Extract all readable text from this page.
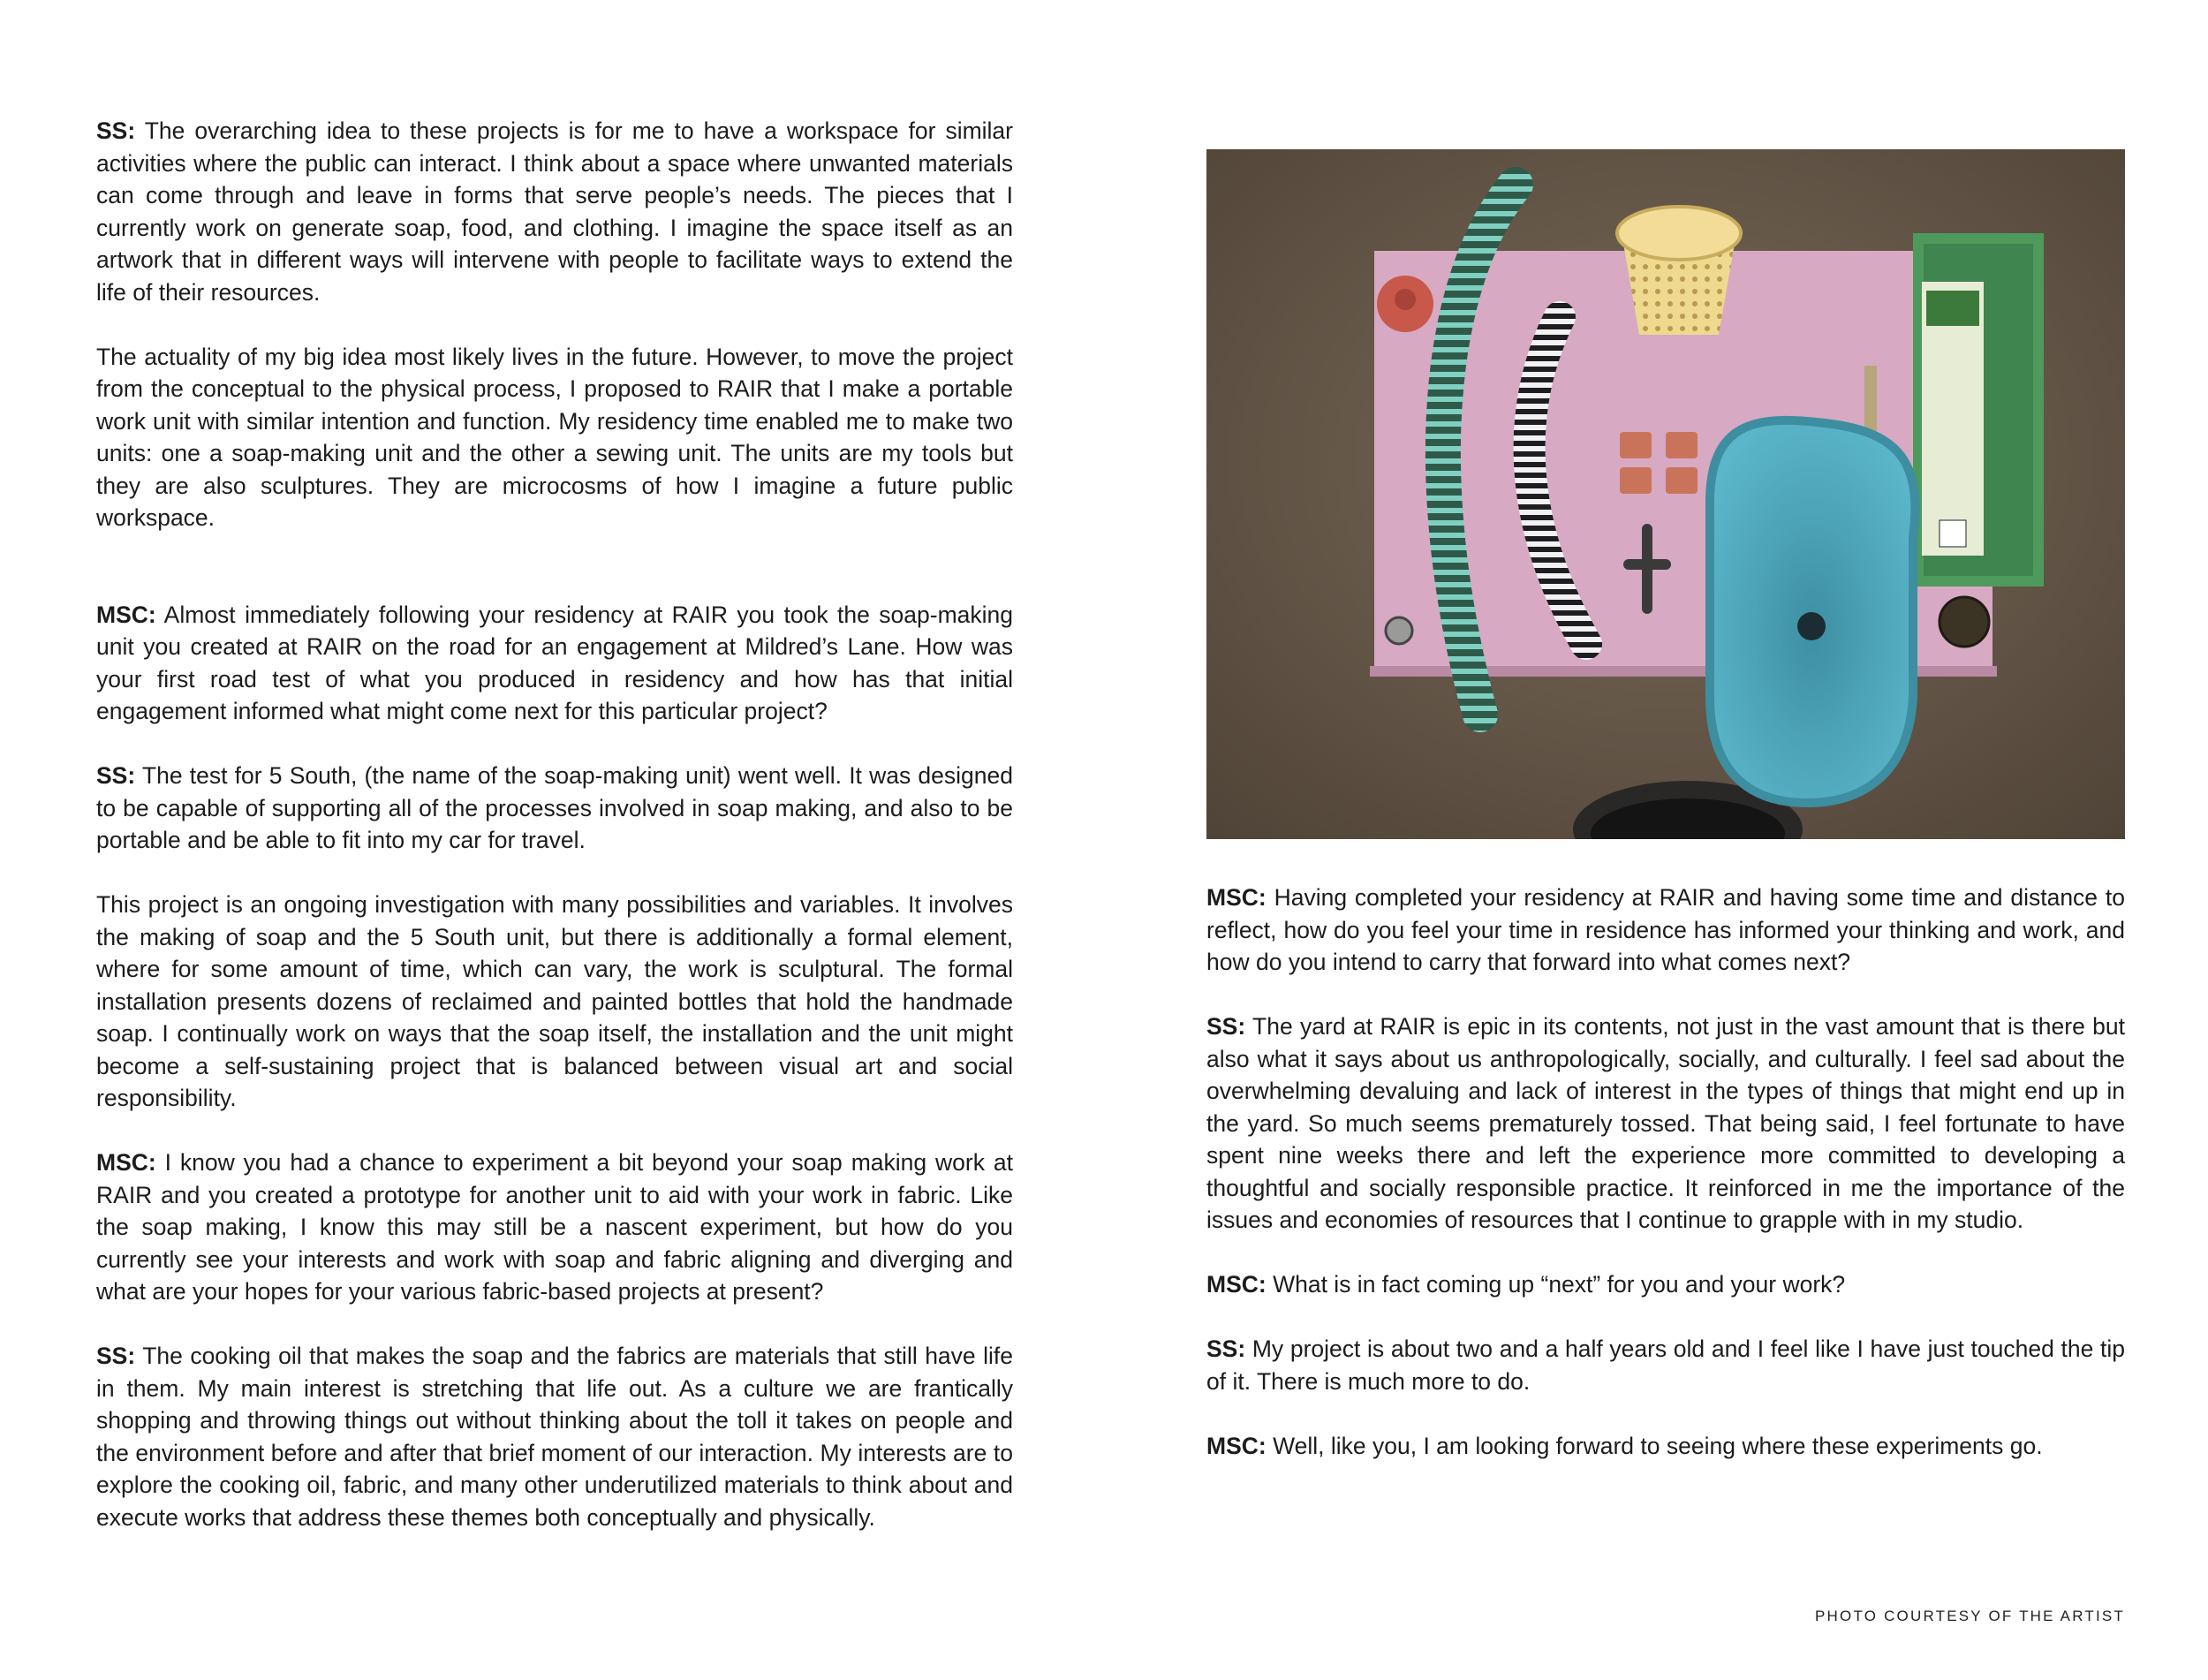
SS: The overarching idea to these projects is for me to have a workspace for similar activities where the public can interact. I think about a space where unwanted materials can come through and leave in forms that serve people’s needs. The pieces that I currently work on generate soap, food, and clothing. I imagine the space itself as an artwork that in different ways will intervene with people to facilitate ways to extend the life of their resources.

The actuality of my big idea most likely lives in the future. However, to move the project from the conceptual to the physical process, I proposed to RAIR that I make a portable work unit with similar intention and function. My residency time enabled me to make two units: one a soap-making unit and the other a sewing unit. The units are my tools but they are also sculptures. They are microcosms of how I imagine a future public workspace.

MSC: Almost immediately following your residency at RAIR you took the soap-making unit you created at RAIR on the road for an engagement at Mildred’s Lane. How was your first road test of what you produced in residency and how has that initial engagement informed what might come next for this particular project?

SS: The test for 5 South, (the name of the soap-making unit) went well. It was designed to be capable of supporting all of the processes involved in soap making, and also to be portable and be able to fit into my car for travel.

This project is an ongoing investigation with many possibilities and variables. It involves the making of soap and the 5 South unit, but there is additionally a formal element, where for some amount of time, which can vary, the work is sculptural. The formal installation presents dozens of reclaimed and painted bottles that hold the handmade soap. I continually work on ways that the soap itself, the installation and the unit might become a self-sustaining project that is balanced between visual art and social responsibility.

MSC: I know you had a chance to experiment a bit beyond your soap making work at RAIR and you created a prototype for another unit to aid with your work in fabric. Like the soap making, I know this may still be a nascent experiment, but how do you currently see your interests and work with soap and fabric aligning and diverging and what are your hopes for your various fabric-based projects at present?

SS: The cooking oil that makes the soap and the fabrics are materials that still have life in them. My main interest is stretching that life out. As a culture we are frantically shopping and throwing things out without thinking about the toll it takes on people and the environment before and after that brief moment of our interaction. My interests are to explore the cooking oil, fabric, and many other underutilized materials to think about and execute works that address these themes both conceptually and physically.

MSC: Having completed your residency at RAIR and having some time and distance to reflect, how do you feel your time in residence has informed your thinking and work, and how do you intend to carry that forward into what comes next?

SS: The yard at RAIR is epic in its contents, not just in the vast amount that is there but also what it says about us anthropologically, socially, and culturally. I feel sad about the overwhelming devaluing and lack of interest in the types of things that might end up in the yard. So much seems prematurely tossed. That being said, I feel fortunate to have spent nine weeks there and left the experience more committed to developing a thoughtful and socially responsible practice. It reinforced in me the importance of the issues and economies of resources that I continue to grapple with in my studio.

MSC: What is in fact coming up “next” for you and your work?

SS: My project is about two and a half years old and I feel like I have just touched the tip of it. There is much more to do.

MSC: Well, like you, I am looking forward to seeing where these experiments go.

PHOTO COURTESY OF THE ARTIST
